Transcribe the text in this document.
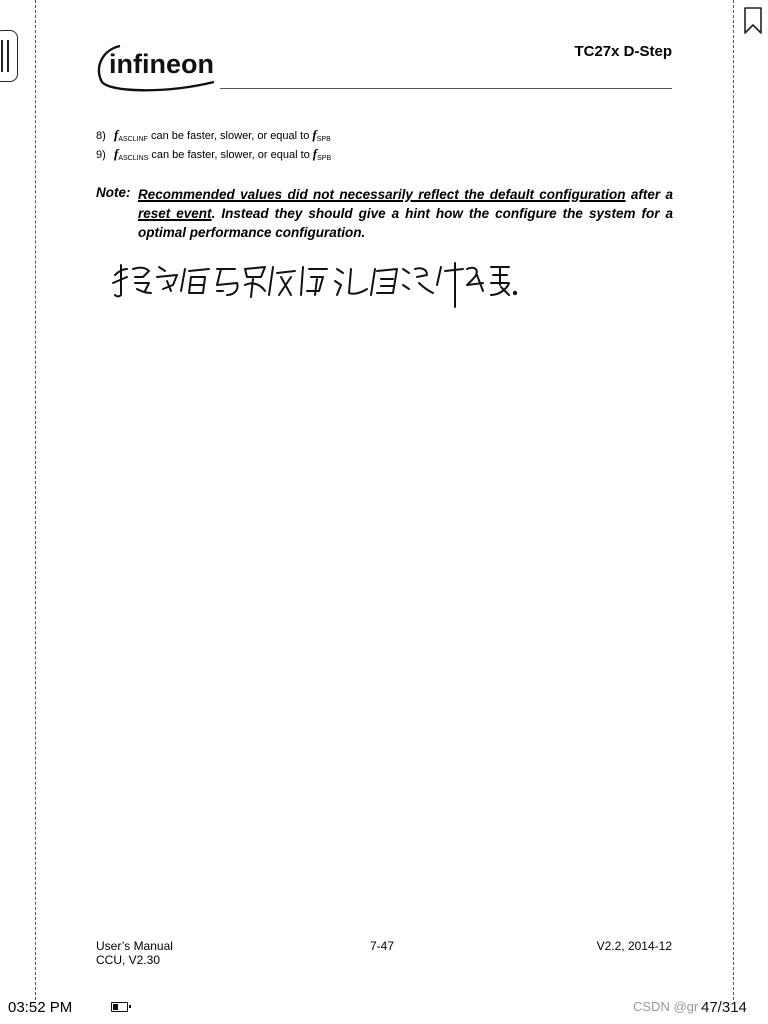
infineon	TC27x D-Step
8) $f_{ASCLINF}$ can be faster, slower, or equal to $f_{SPB}$
9) $f_{ASCLINS}$ can be faster, slower, or equal to $f_{SPB}$
Note: Recommended values did not necessarily reflect the default configuration after a reset event. Instead they should give a hint how the configure the system for a optimal performance configuration.
User’s Manual
CCU, V2.30
7-47	V2.2, 2014-12
03:52 PM	CSDN @gr 47/314
